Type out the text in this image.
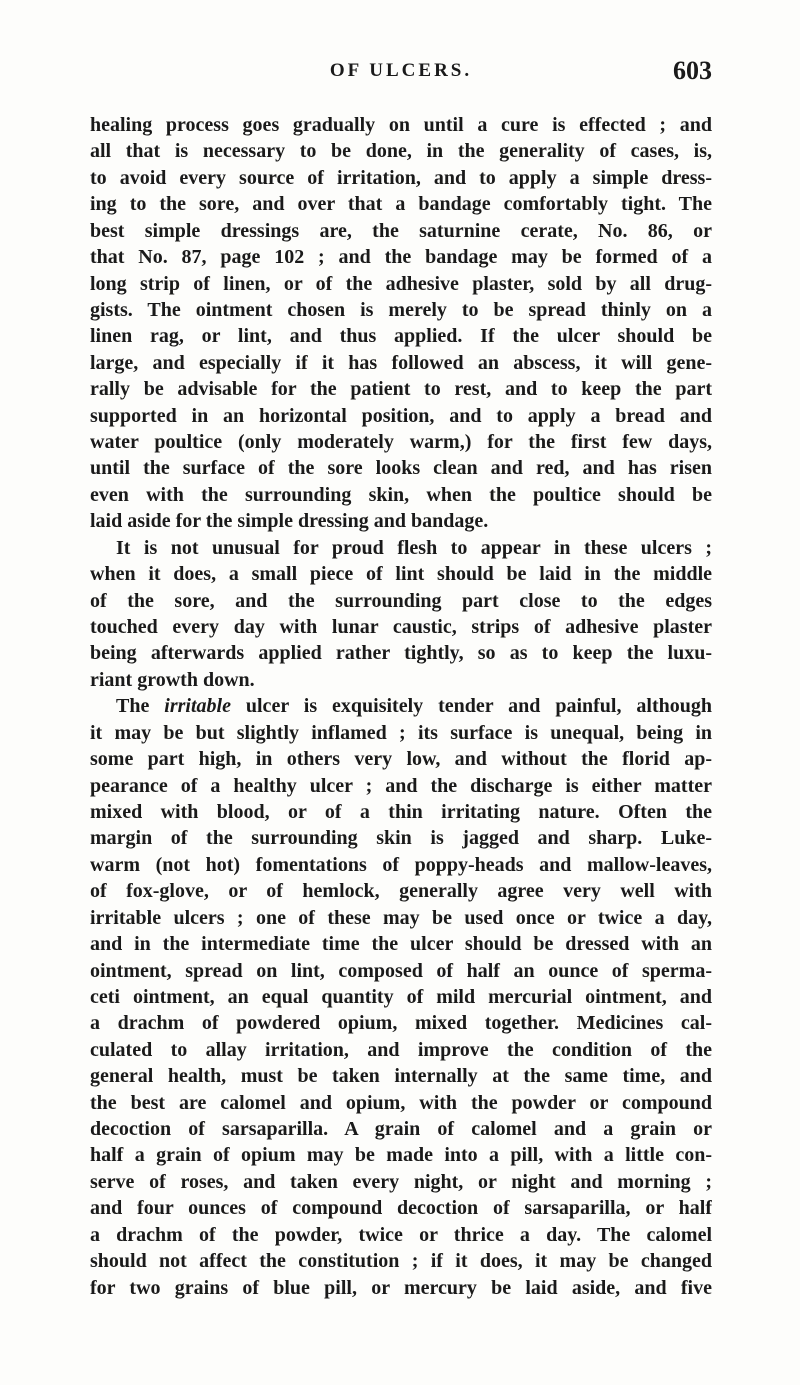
OF ULCERS.	603
healing process goes gradually on until a cure is effected ; and
all that is necessary to be done, in the generality of cases, is,
to avoid every source of irritation, and to apply a simple dress-
ing to the sore, and over that a bandage comfortably tight. The
best simple dressings are, the saturnine cerate, No. 86, or
that No. 87, page 102 ; and the bandage may be formed of a
long strip of linen, or of the adhesive plaster, sold by all drug-
gists. The ointment chosen is merely to be spread thinly on a
linen rag, or lint, and thus applied. If the ulcer should be
large, and especially if it has followed an abscess, it will gene-
rally be advisable for the patient to rest, and to keep the part
supported in an horizontal position, and to apply a bread and
water poultice (only moderately warm,) for the first few days,
until the surface of the sore looks clean and red, and has risen
even with the surrounding skin, when the poultice should be
laid aside for the simple dressing and bandage.
It is not unusual for proud flesh to appear in these ulcers ;
when it does, a small piece of lint should be laid in the middle
of the sore, and the surrounding part close to the edges
touched every day with lunar caustic, strips of adhesive plaster
being afterwards applied rather tightly, so as to keep the luxu-
riant growth down.
The irritable ulcer is exquisitely tender and painful, although
it may be but slightly inflamed ; its surface is unequal, being in
some part high, in others very low, and without the florid ap-
pearance of a healthy ulcer ; and the discharge is either matter
mixed with blood, or of a thin irritating nature. Often the
margin of the surrounding skin is jagged and sharp. Luke-
warm (not hot) fomentations of poppy-heads and mallow-leaves,
of fox-glove, or of hemlock, generally agree very well with
irritable ulcers ; one of these may be used once or twice a day,
and in the intermediate time the ulcer should be dressed with an
ointment, spread on lint, composed of half an ounce of sperma-
ceti ointment, an equal quantity of mild mercurial ointment, and
a drachm of powdered opium, mixed together. Medicines cal-
culated to allay irritation, and improve the condition of the
general health, must be taken internally at the same time, and
the best are calomel and opium, with the powder or compound
decoction of sarsaparilla. A grain of calomel and a grain or
half a grain of opium may be made into a pill, with a little con-
serve of roses, and taken every night, or night and morning ;
and four ounces of compound decoction of sarsaparilla, or half
a drachm of the powder, twice or thrice a day. The calomel
should not affect the constitution ; if it does, it may be changed
for two grains of blue pill, or mercury be laid aside, and five
